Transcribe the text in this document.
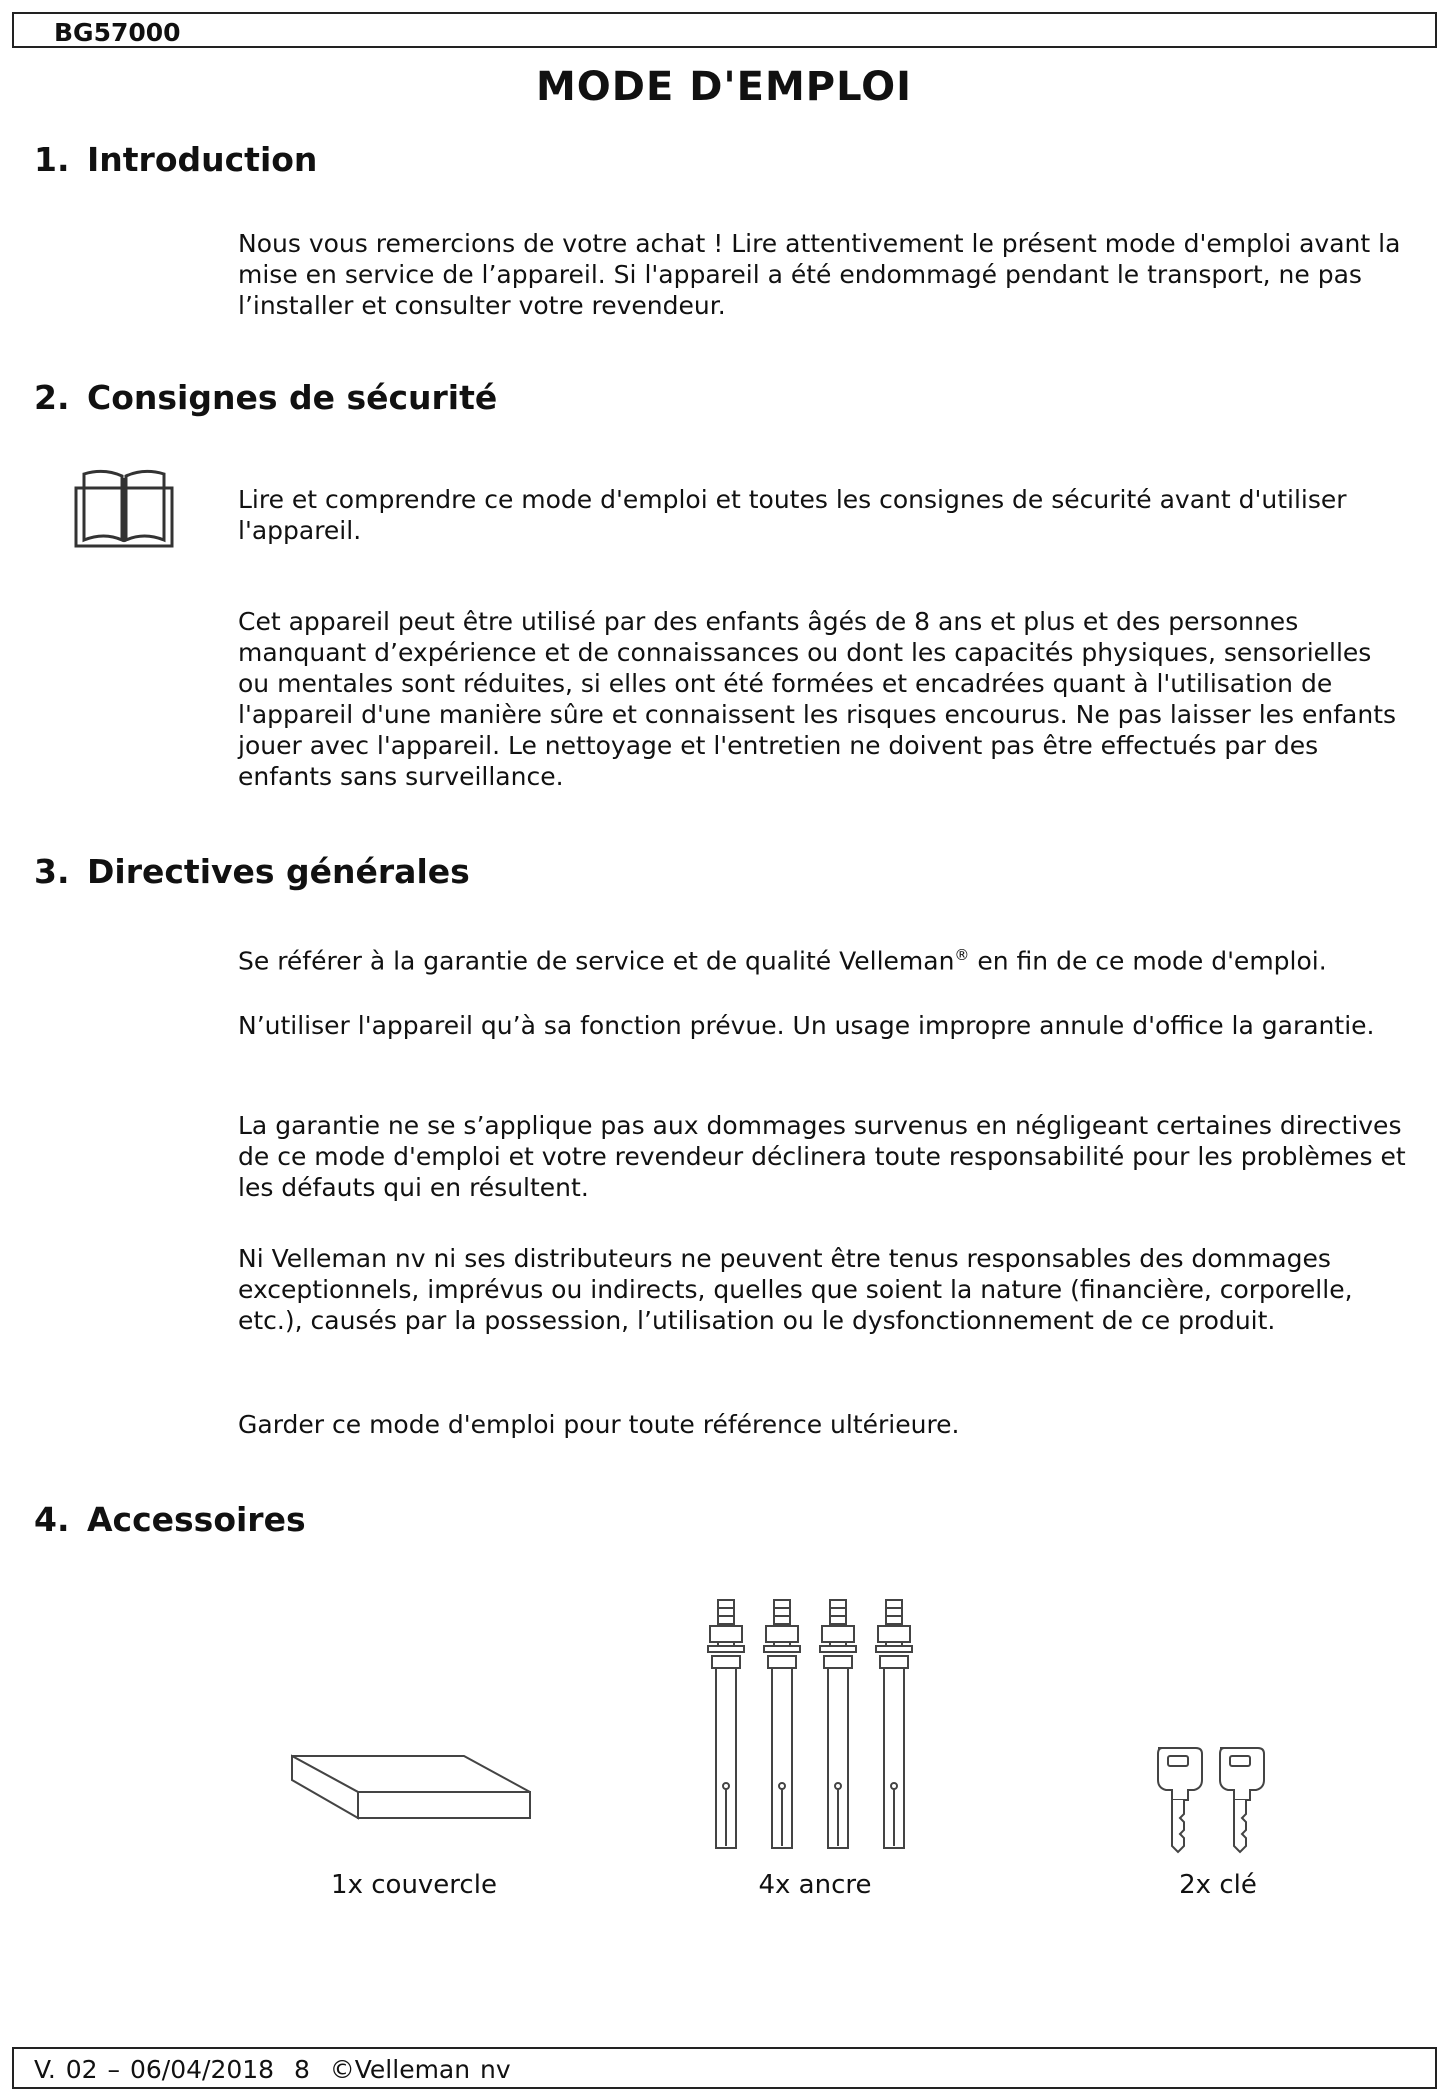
BG57000
MODE D'EMPLOI
1. Introduction
Nous vous remercions de votre achat ! Lire attentivement le présent mode d'emploi avant la mise en service de l’appareil. Si l'appareil a été endommagé pendant le transport, ne pas l’installer et consulter votre revendeur.
2. Consignes de sécurité
Lire et comprendre ce mode d'emploi et toutes les consignes de sécurité avant d'utiliser l'appareil.
Cet appareil peut être utilisé par des enfants âgés de 8 ans et plus et des personnes manquant d’expérience et de connaissances ou dont les capacités physiques, sensorielles ou mentales sont réduites, si elles ont été formées et encadrées quant à l'utilisation de l'appareil d'une manière sûre et connaissent les risques encourus. Ne pas laisser les enfants jouer avec l'appareil. Le nettoyage et l'entretien ne doivent pas être effectués par des enfants sans surveillance.
3. Directives générales
Se référer à la garantie de service et de qualité Velleman® en fin de ce mode d'emploi.
N’utiliser l'appareil qu’à sa fonction prévue. Un usage impropre annule d'office la garantie.
La garantie ne se s’applique pas aux dommages survenus en négligeant certaines directives de ce mode d'emploi et votre revendeur déclinera toute responsabilité pour les problèmes et les défauts qui en résultent.
Ni Velleman nv ni ses distributeurs ne peuvent être tenus responsables des dommages exceptionnels, imprévus ou indirects, quelles que soient la nature (financière, corporelle, etc.), causés par la possession, l’utilisation ou le dysfonctionnement de ce produit.
Garder ce mode d'emploi pour toute référence ultérieure.
4. Accessoires
1x couvercle	4x ancre	2x clé
V. 02 – 06/04/2018  8  ©Velleman nv
